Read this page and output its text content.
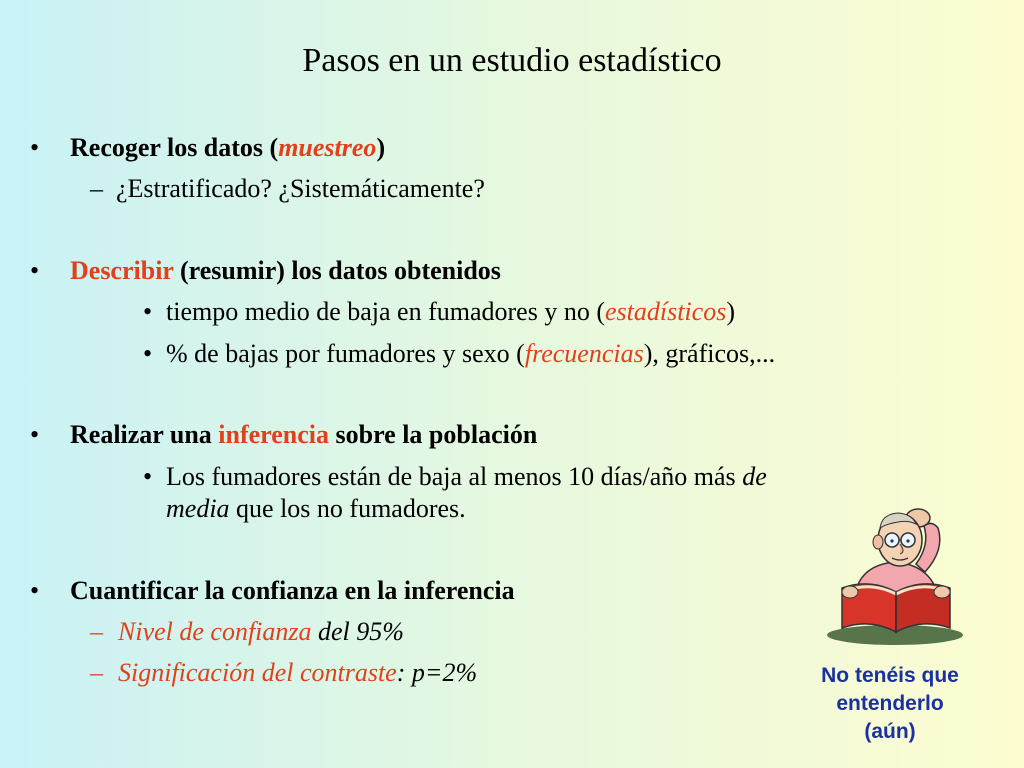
Pasos en un estudio estadístico
• Recoger los datos (muestreo)
– ¿Estratificado? ¿Sistemáticamente?
• Describir (resumir) los datos obtenidos
• tiempo medio de baja en fumadores y no (estadísticos)
• % de bajas por fumadores y sexo (frecuencias), gráficos,...
• Realizar una inferencia sobre la población
• Los fumadores están de baja al menos 10 días/año más de
media que los no fumadores.
• Cuantificar la confianza en la inferencia
– Nivel de confianza del 95%
– Significación del contraste: p=2%	No tenéis que
entenderlo
(aún)
